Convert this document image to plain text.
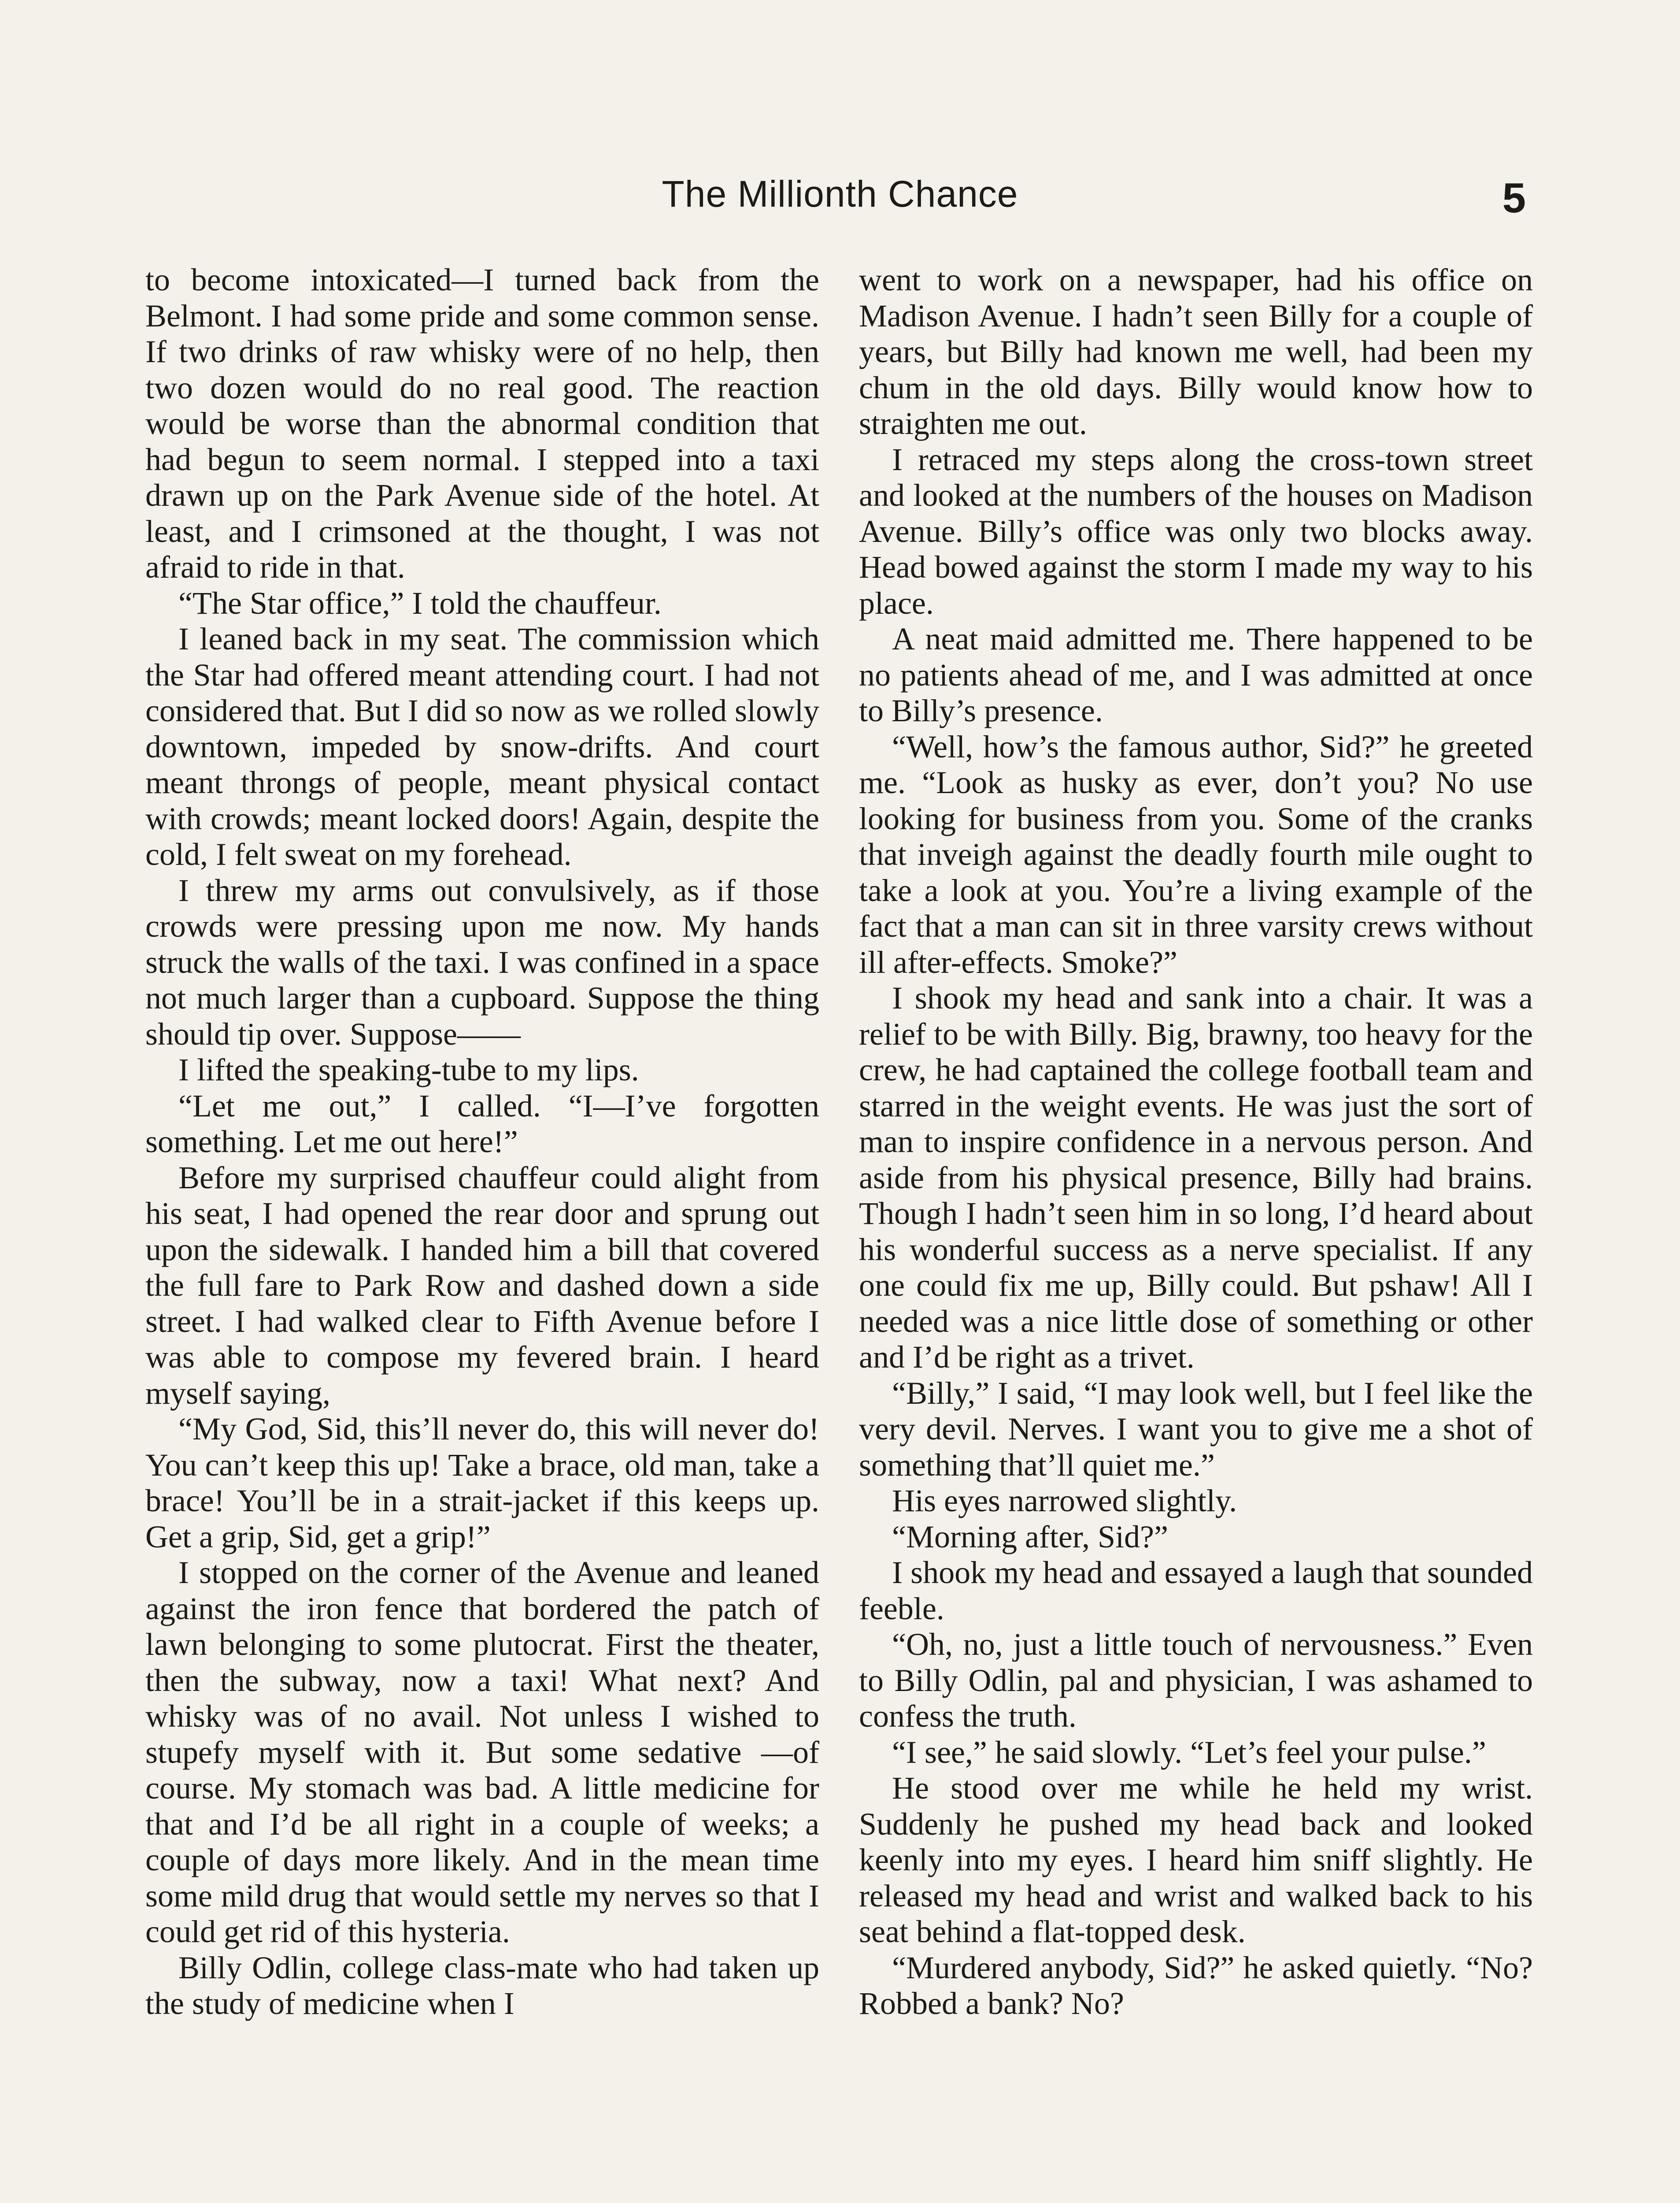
The Millionth Chance	5

to become intoxicated—I turned back from the Belmont. I had some pride and some common sense. If two drinks of raw whisky were of no help, then two dozen would do no real good. The reaction would be worse than the abnormal condition that had begun to seem normal. I stepped into a taxi drawn up on the Park Avenue side of the hotel. At least, and I crimsoned at the thought, I was not afraid to ride in that.

“The Star office,” I told the chauffeur.

I leaned back in my seat. The commission which the Star had offered meant attending court. I had not considered that. But I did so now as we rolled slowly downtown, impeded by snow-drifts. And court meant throngs of people, meant physical contact with crowds; meant locked doors! Again, despite the cold, I felt sweat on my forehead.

I threw my arms out convulsively, as if those crowds were pressing upon me now. My hands struck the walls of the taxi. I was confined in a space not much larger than a cupboard. Suppose the thing should tip over. Suppose——

I lifted the speaking-tube to my lips.

“Let me out,” I called. “I—I’ve forgotten something. Let me out here!”

Before my surprised chauffeur could alight from his seat, I had opened the rear door and sprung out upon the sidewalk. I handed him a bill that covered the full fare to Park Row and dashed down a side street. I had walked clear to Fifth Avenue before I was able to compose my fevered brain. I heard myself saying,

“My God, Sid, this’ll never do, this will never do! You can’t keep this up! Take a brace, old man, take a brace! You’ll be in a strait-jacket if this keeps up. Get a grip, Sid, get a grip!”

I stopped on the corner of the Avenue and leaned against the iron fence that bordered the patch of lawn belonging to some plutocrat. First the theater, then the subway, now a taxi! What next? And whisky was of no avail. Not unless I wished to stupefy myself with it. But some sedative —of course. My stomach was bad. A little medicine for that and I’d be all right in a couple of weeks; a couple of days more likely. And in the mean time some mild drug that would settle my nerves so that I could get rid of this hysteria.

Billy Odlin, college class-mate who had taken up the study of medicine when I

went to work on a newspaper, had his office on Madison Avenue. I hadn’t seen Billy for a couple of years, but Billy had known me well, had been my chum in the old days. Billy would know how to straighten me out.

I retraced my steps along the cross-town street and looked at the numbers of the houses on Madison Avenue. Billy’s office was only two blocks away. Head bowed against the storm I made my way to his place.

A neat maid admitted me. There happened to be no patients ahead of me, and I was admitted at once to Billy’s presence.

“Well, how’s the famous author, Sid?” he greeted me. “Look as husky as ever, don’t you? No use looking for business from you. Some of the cranks that inveigh against the deadly fourth mile ought to take a look at you. You’re a living example of the fact that a man can sit in three varsity crews without ill after-effects. Smoke?”

I shook my head and sank into a chair. It was a relief to be with Billy. Big, brawny, too heavy for the crew, he had captained the college football team and starred in the weight events. He was just the sort of man to inspire confidence in a nervous person. And aside from his physical presence, Billy had brains. Though I hadn’t seen him in so long, I’d heard about his wonderful success as a nerve specialist. If any one could fix me up, Billy could. But pshaw! All I needed was a nice little dose of something or other and I’d be right as a trivet.

“Billy,” I said, “I may look well, but I feel like the very devil. Nerves. I want you to give me a shot of something that’ll quiet me.”

His eyes narrowed slightly.

“Morning after, Sid?”

I shook my head and essayed a laugh that sounded feeble.

“Oh, no, just a little touch of nervousness.” Even to Billy Odlin, pal and physician, I was ashamed to confess the truth.

“I see,” he said slowly. “Let’s feel your pulse.”

He stood over me while he held my wrist. Suddenly he pushed my head back and looked keenly into my eyes. I heard him sniff slightly. He released my head and wrist and walked back to his seat behind a flat-topped desk.

“Murdered anybody, Sid?” he asked quietly. “No? Robbed a bank? No?
